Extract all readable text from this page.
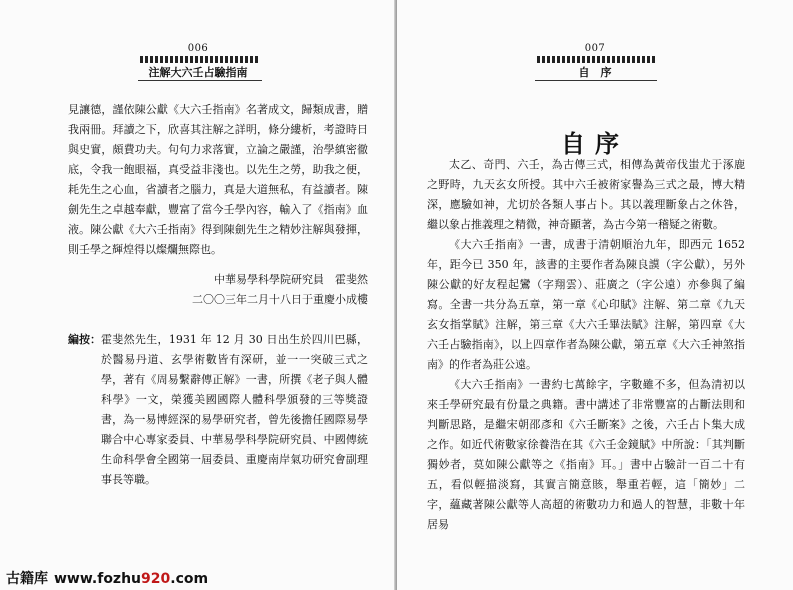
006
注解大六壬占驗指南

見讓德，謹依陳公獻《大六壬指南》名著成文，歸類成書，贈我兩冊。拜讀之下，欣喜其注解之詳明，條分縷析，考證時日與史實，頗費功夫。句句力求落實，立論之嚴謹，治學縝密徹底，令我一飽眼福，真受益非淺也。以先生之勞，助我之便，耗先生之心血，省讀者之腦力，真是大道無私，有益讀者。陳劍先生之卓越奉獻，豐富了當今壬學內容，輸入了《指南》血液。陳公獻《大六壬指南》得到陳劍先生之精妙注解與發揮，則壬學之輝煌得以燦爛無際也。

中華易學科學院研究員　霍斐然

二〇〇三年二月十八日于重慶小成樓

編按： 霍斐然先生，1931 年 12 月 30 日出生於四川巴縣，於醫易丹道、玄學術數皆有深研，並一一突破三式之學，著有《周易繫辭傳正解》一書，所撰《老子與人體科學》一文，榮獲美國國際人體科學頒發的三等獎證書，為一易博經深的易學研究者，曾先後擔任國際易學聯合中心專家委員、中華易學科學院研究員、中國傳統生命科學會全國第一屆委員、重慶南岸氣功研究會副理事長等職。
007
自　序
自序

太乙、奇門、六壬，為古傳三式，相傳為黃帝伐蚩尤于涿鹿之野時，九天玄女所授。其中六壬被術家譽為三式之最，博大精深，應驗如神，尤切於各類人事占卜。其以義理斷象占之休咎，繼以象占推義理之精微，神奇顯著，為古今第一稽疑之術數。

《大六壬指南》一書，成書于清朝順治九年，即西元 1652 年，距今已 350 年，該書的主要作者為陳良謨（字公獻），另外陳公獻的好友程起鸞（字翔雲）、莊廣之（字公遠）亦參與了編寫。全書一共分為五章，第一章《心印賦》注解、第二章《九天玄女指掌賦》注解，第三章《大六壬畢法賦》注解，第四章《大六壬占驗指南》，以上四章作者為陳公獻，第五章《大六壬神煞指南》的作者為莊公遠。

《大六壬指南》一書約七萬餘字，字數雖不多，但為清初以來壬學研究最有份量之典籍。書中講述了非常豐富的占斷法則和判斷思路，是繼宋朝邵彥和《六壬斷案》之後，六壬占卜集大成之作。如近代術數家徐養浩在其《六壬金鏡賦》中所說：「其判斷獨妙者，莫如陳公獻等之《指南》耳。」書中占驗計一百二十有五，看似輕描淡寫，其實言簡意賅，舉重若輕，這「簡妙」二字，蘊藏著陳公獻等人高超的術數功力和過人的智慧，非數十年居易

古籍库 www.fozhu920.com
